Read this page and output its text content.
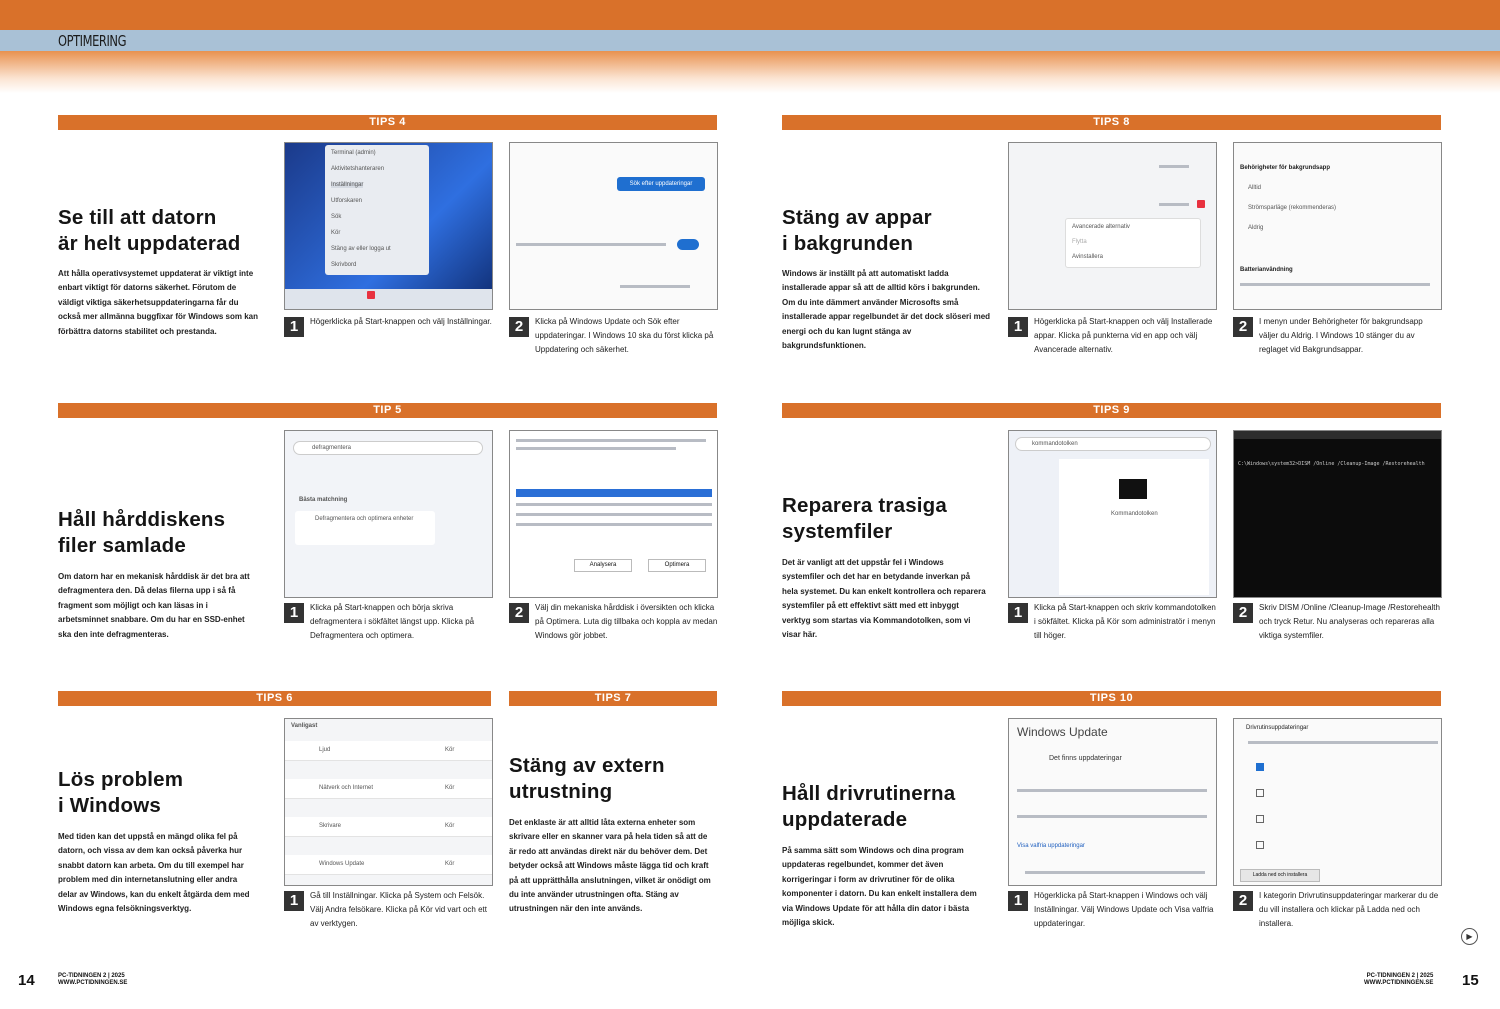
OPTIMERING
TIPS 4
Se till att datorn
är helt uppdaterad
Att hålla operativsystemet uppdaterat är viktigt inte enbart viktigt för datorns säkerhet. Förutom de väldigt viktiga säkerhetsuppdateringarna får du också mer allmänna buggfixar för Windows som kan förbättra datorns stabilitet och prestanda.
Terminal (admin)
Aktivitetshanteraren
Inställningar
Utforskaren
Sök
Kör
Stäng av eller logga ut
Skrivbord
1	Högerklicka på Start-knappen och välj Inställningar.
Sök efter uppdateringar
2	Klicka på Windows Update och Sök efter uppdateringar. I Windows 10 ska du först klicka på Uppdatering och säkerhet.
TIPS 8
Stäng av appar
i bakgrunden
Windows är inställt på att automatiskt ladda installerade appar så att de alltid körs i bakgrunden. Om du inte dämmert använder Microsofts små installerade appar regelbundet är det dock slöseri med energi och du kan lugnt stänga av bakgrundsfunktionen.
Avancerade alternativ
Flytta
Avinstallera
1	Högerklicka på Start-knappen och välj Installerade appar. Klicka på punkterna vid en app och välj Avancerade alternativ.
Behörigheter för bakgrundsapp
Alltid
Strömsparläge (rekommenderas)
Aldrig
Batterianvändning
2	I menyn under Behörigheter för bakgrundsapp väljer du Aldrig. I Windows 10 stänger du av reglaget vid Bakgrundsappar.
TIP 5
Håll hårddiskens
filer samlade
Om datorn har en mekanisk hårddisk är det bra att defragmentera den. Då delas filerna upp i så få fragment som möjligt och kan läsas in i arbetsminnet snabbare. Om du har en SSD-enhet ska den inte defragmenteras.
defragmentera
Bästa matchning
Defragmentera och optimera enheter
1	Klicka på Start-knappen och börja skriva defragmentera i sökfältet längst upp. Klicka på Defragmentera och optimera.
Analysera	Optimera
2	Välj din mekaniska hårddisk i översikten och klicka på Optimera. Luta dig tillbaka och koppla av medan Windows gör jobbet.
TIPS 9
Reparera trasiga
systemfiler
Det är vanligt att det uppstår fel i Windows systemfiler och det har en betydande inverkan på hela systemet. Du kan enkelt kontrollera och reparera systemfiler på ett effektivt sätt med ett inbyggt verktyg som startas via Kommandotolken, som vi visar här.
kommandotolken
Kommandotolken
1	Klicka på Start-knappen och skriv kommandotolken i sökfältet. Klicka på Kör som administratör i menyn till höger.
C:\Windows\system32>DISM /Online /Cleanup-Image /Restorehealth
2	Skriv DISM /Online /Cleanup-Image /Restorehealth och tryck Retur. Nu analyseras och repareras alla viktiga systemfiler.
TIPS 6
Lös problem
i Windows
Med tiden kan det uppstå en mängd olika fel på datorn, och vissa av dem kan också påverka hur snabbt datorn kan arbeta. Om du till exempel har problem med din internetanslutning eller andra delar av Windows, kan du enkelt åtgärda dem med Windows egna felsökningsverktyg.
Vanligast
Ljud	Kör
Nätverk och Internet	Kör
Skrivare	Kör
Windows Update	Kör
1	Gå till Inställningar. Klicka på System och Felsök. Välj Andra felsökare. Klicka på Kör vid vart och ett av verktygen.
TIPS 7
Stäng av extern
utrustning
Det enklaste är att alltid låta externa enheter som skrivare eller en skanner vara på hela tiden så att de är redo att användas direkt när du behöver dem. Det betyder också att Windows måste lägga tid och kraft på att upprätthålla anslutningen, vilket är onödigt om du inte använder utrustningen ofta. Stäng av utrustningen när den inte används.
TIPS 10
Håll drivrutinerna
uppdaterade
På samma sätt som Windows och dina program uppdateras regelbundet, kommer det även korrigeringar i form av drivrutiner för de olika komponenter i datorn. Du kan enkelt installera dem via Windows Update för att hålla din dator i bästa möjliga skick.
Windows Update
Det finns uppdateringar
Visa valfria uppdateringar
1	Högerklicka på Start-knappen i Windows och välj Inställningar. Välj Windows Update och Visa valfria uppdateringar.
Drivrutinsuppdateringar
Ladda ned och installera
2	I kategorin Drivrutinsuppdateringar markerar du de du vill installera och klickar på Ladda ned och installera.
▶
14	PC-TIDNINGEN 2 | 2025
WWW.PCTIDNINGEN.SE
PC-TIDNINGEN 2 | 2025
WWW.PCTIDNINGEN.SE 15
